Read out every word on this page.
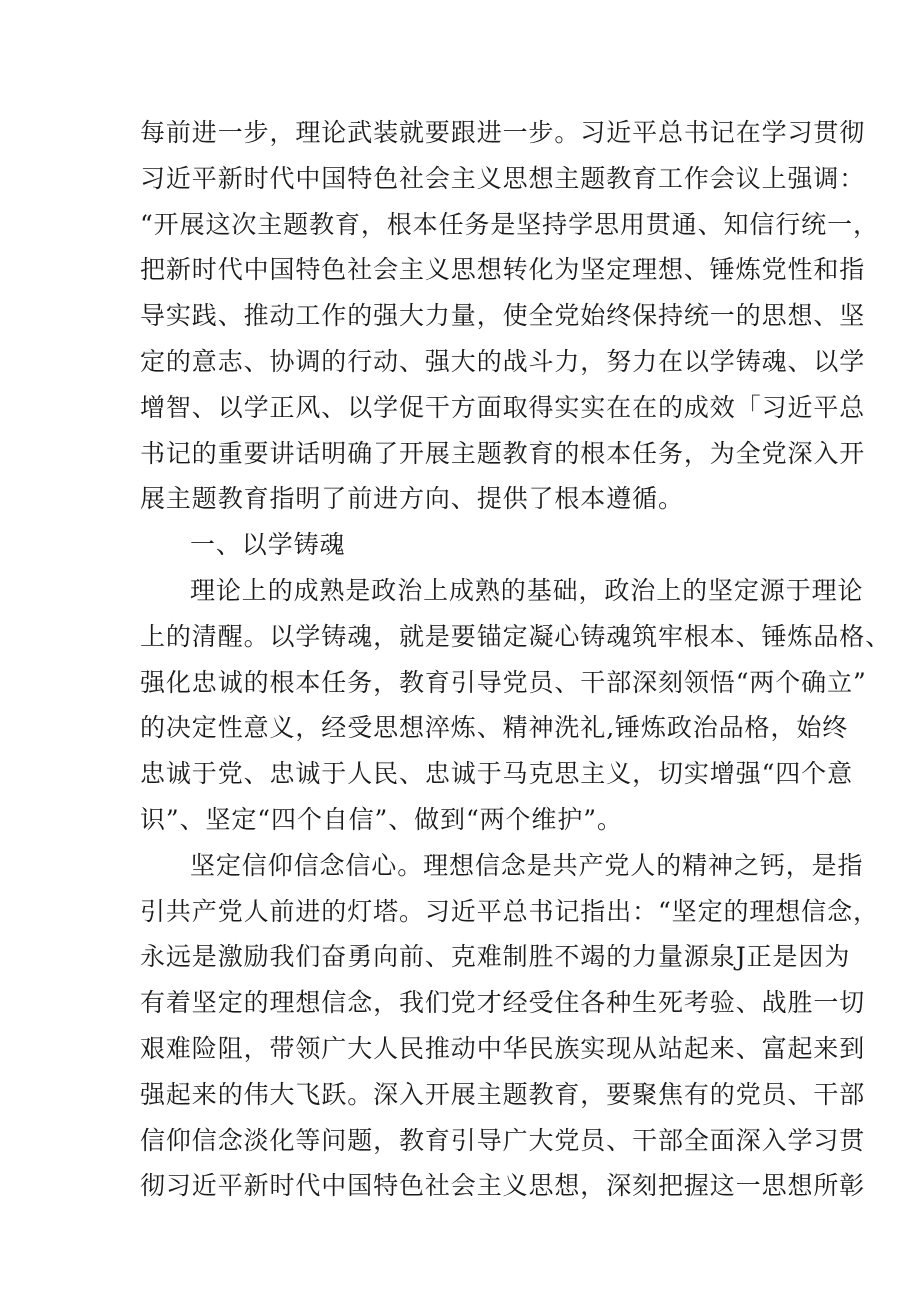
每前进一步，理论武装就要跟进一步。习近平总书记在学习贯彻
习近平新时代中国特色社会主义思想主题教育工作会议上强调：
“开展这次主题教育，根本任务是坚持学思用贯通、知信行统一，
把新时代中国特色社会主义思想转化为坚定理想、锤炼党性和指
导实践、推动工作的强大力量，使全党始终保持统一的思想、坚
定的意志、协调的行动、强大的战斗力，努力在以学铸魂、以学
增智、以学正风、以学促干方面取得实实在在的成效「习近平总
书记的重要讲话明确了开展主题教育的根本任务，为全党深入开
展主题教育指明了前进方向、提供了根本遵循。
一、以学铸魂
理论上的成熟是政治上成熟的基础，政治上的坚定源于理论
上的清醒。以学铸魂，就是要锚定凝心铸魂筑牢根本、锤炼品格、
强化忠诚的根本任务，教育引导党员、干部深刻领悟“两个确立”
的决定性意义，经受思想淬炼、精神洗礼,锤炼政治品格，始终
忠诚于党、忠诚于人民、忠诚于马克思主义，切实增强“四个意
识”、坚定“四个自信”、做到“两个维护”。
坚定信仰信念信心。理想信念是共产党人的精神之钙，是指
引共产党人前进的灯塔。习近平总书记指出：“坚定的理想信念，
永远是激励我们奋勇向前、克难制胜不竭的力量源泉J正是因为
有着坚定的理想信念，我们党才经受住各种生死考验、战胜一切
艰难险阻，带领广大人民推动中华民族实现从站起来、富起来到
强起来的伟大飞跃。深入开展主题教育，要聚焦有的党员、干部
信仰信念淡化等问题，教育引导广大党员、干部全面深入学习贯
彻习近平新时代中国特色社会主义思想，深刻把握这一思想所彰
